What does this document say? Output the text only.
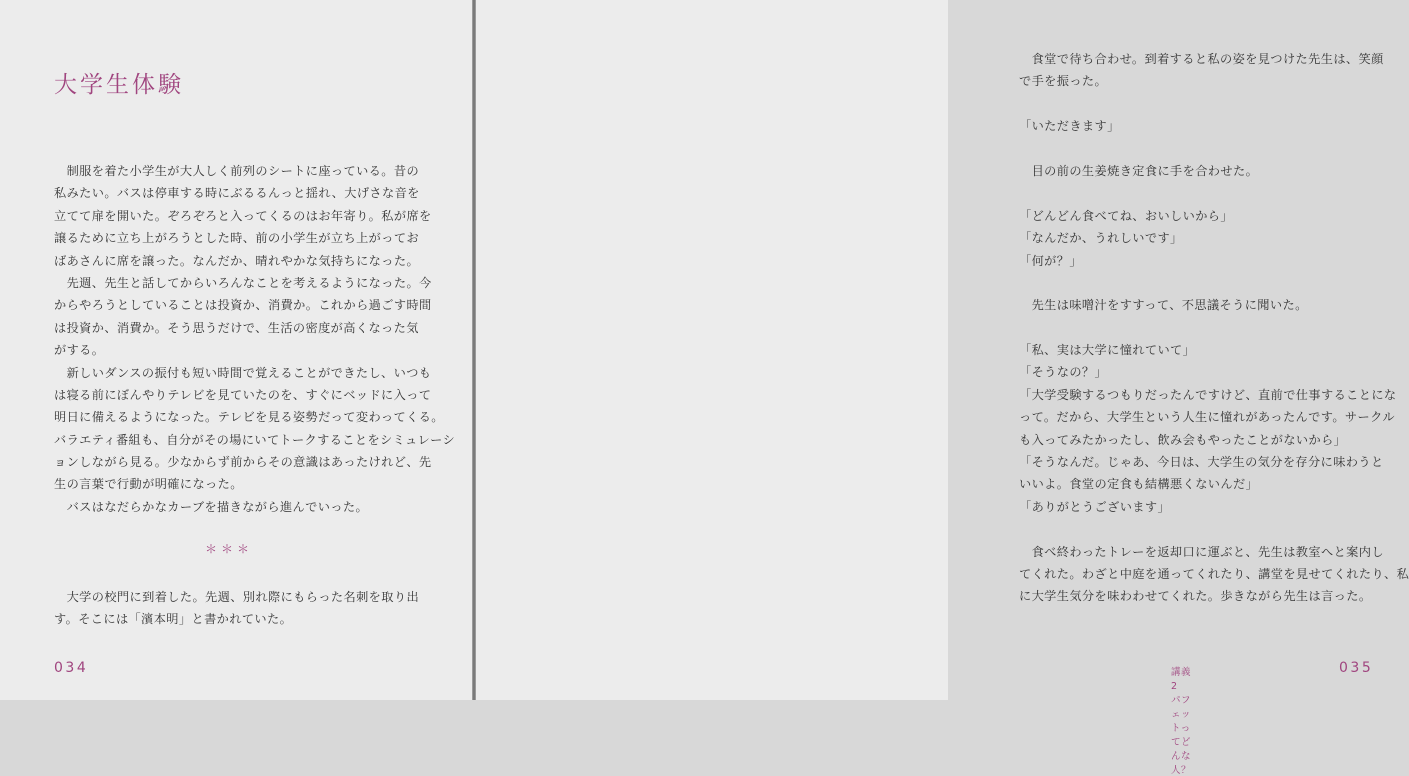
大学生体験
　制服を着た小学生が大人しく前列のシートに座っている。昔の
私みたい。バスは停車する時にぶるるんっと揺れ、大げさな音を
立てて扉を開いた。ぞろぞろと入ってくるのはお年寄り。私が席を
譲るために立ち上がろうとした時、前の小学生が立ち上がってお
ばあさんに席を譲った。なんだか、晴れやかな気持ちになった。
　先週、先生と話してからいろんなことを考えるようになった。今
からやろうとしていることは投資か、消費か。これから過ごす時間
は投資か、消費か。そう思うだけで、生活の密度が高くなった気
がする。
　新しいダンスの振付も短い時間で覚えることができたし、いつも
は寝る前にぼんやりテレビを見ていたのを、すぐにベッドに入って
明日に備えるようになった。テレビを見る姿勢だって変わってくる。
バラエティ番組も、自分がその場にいてトークすることをシミュレーシ
ョンしながら見る。少なからず前からその意識はあったけれど、先
生の言葉で行動が明確になった。
　バスはなだらかなカーブを描きながら進んでいった。
＊＊＊
　大学の校門に到着した。先週、別れ際にもらった名刺を取り出
す。そこには「濱本明」と書かれていた。
034
　食堂で待ち合わせ。到着すると私の姿を見つけた先生は、笑顔
で手を振った。
「いただきます」
　目の前の生姜焼き定食に手を合わせた。
「どんどん食べてね、おいしいから」
「なんだか、うれしいです」
「何が？」
　先生は味噌汁をすすって、不思議そうに聞いた。
「私、実は大学に憧れていて」
「そうなの？」
「大学受験するつもりだったんですけど、直前で仕事することにな
って。だから、大学生という人生に憧れがあったんです。サークル
も入ってみたかったし、飲み会もやったことがないから」
「そうなんだ。じゃあ、今日は、大学生の気分を存分に味わうと
いいよ。食堂の定食も結構悪くないんだ」
「ありがとうございます」
　食べ終わったトレーを返却口に運ぶと、先生は教室へと案内し
てくれた。わざと中庭を通ってくれたり、講堂を見せてくれたり、私
に大学生気分を味わわせてくれた。歩きながら先生は言った。
講義2　パフェットってどんな人？
035
